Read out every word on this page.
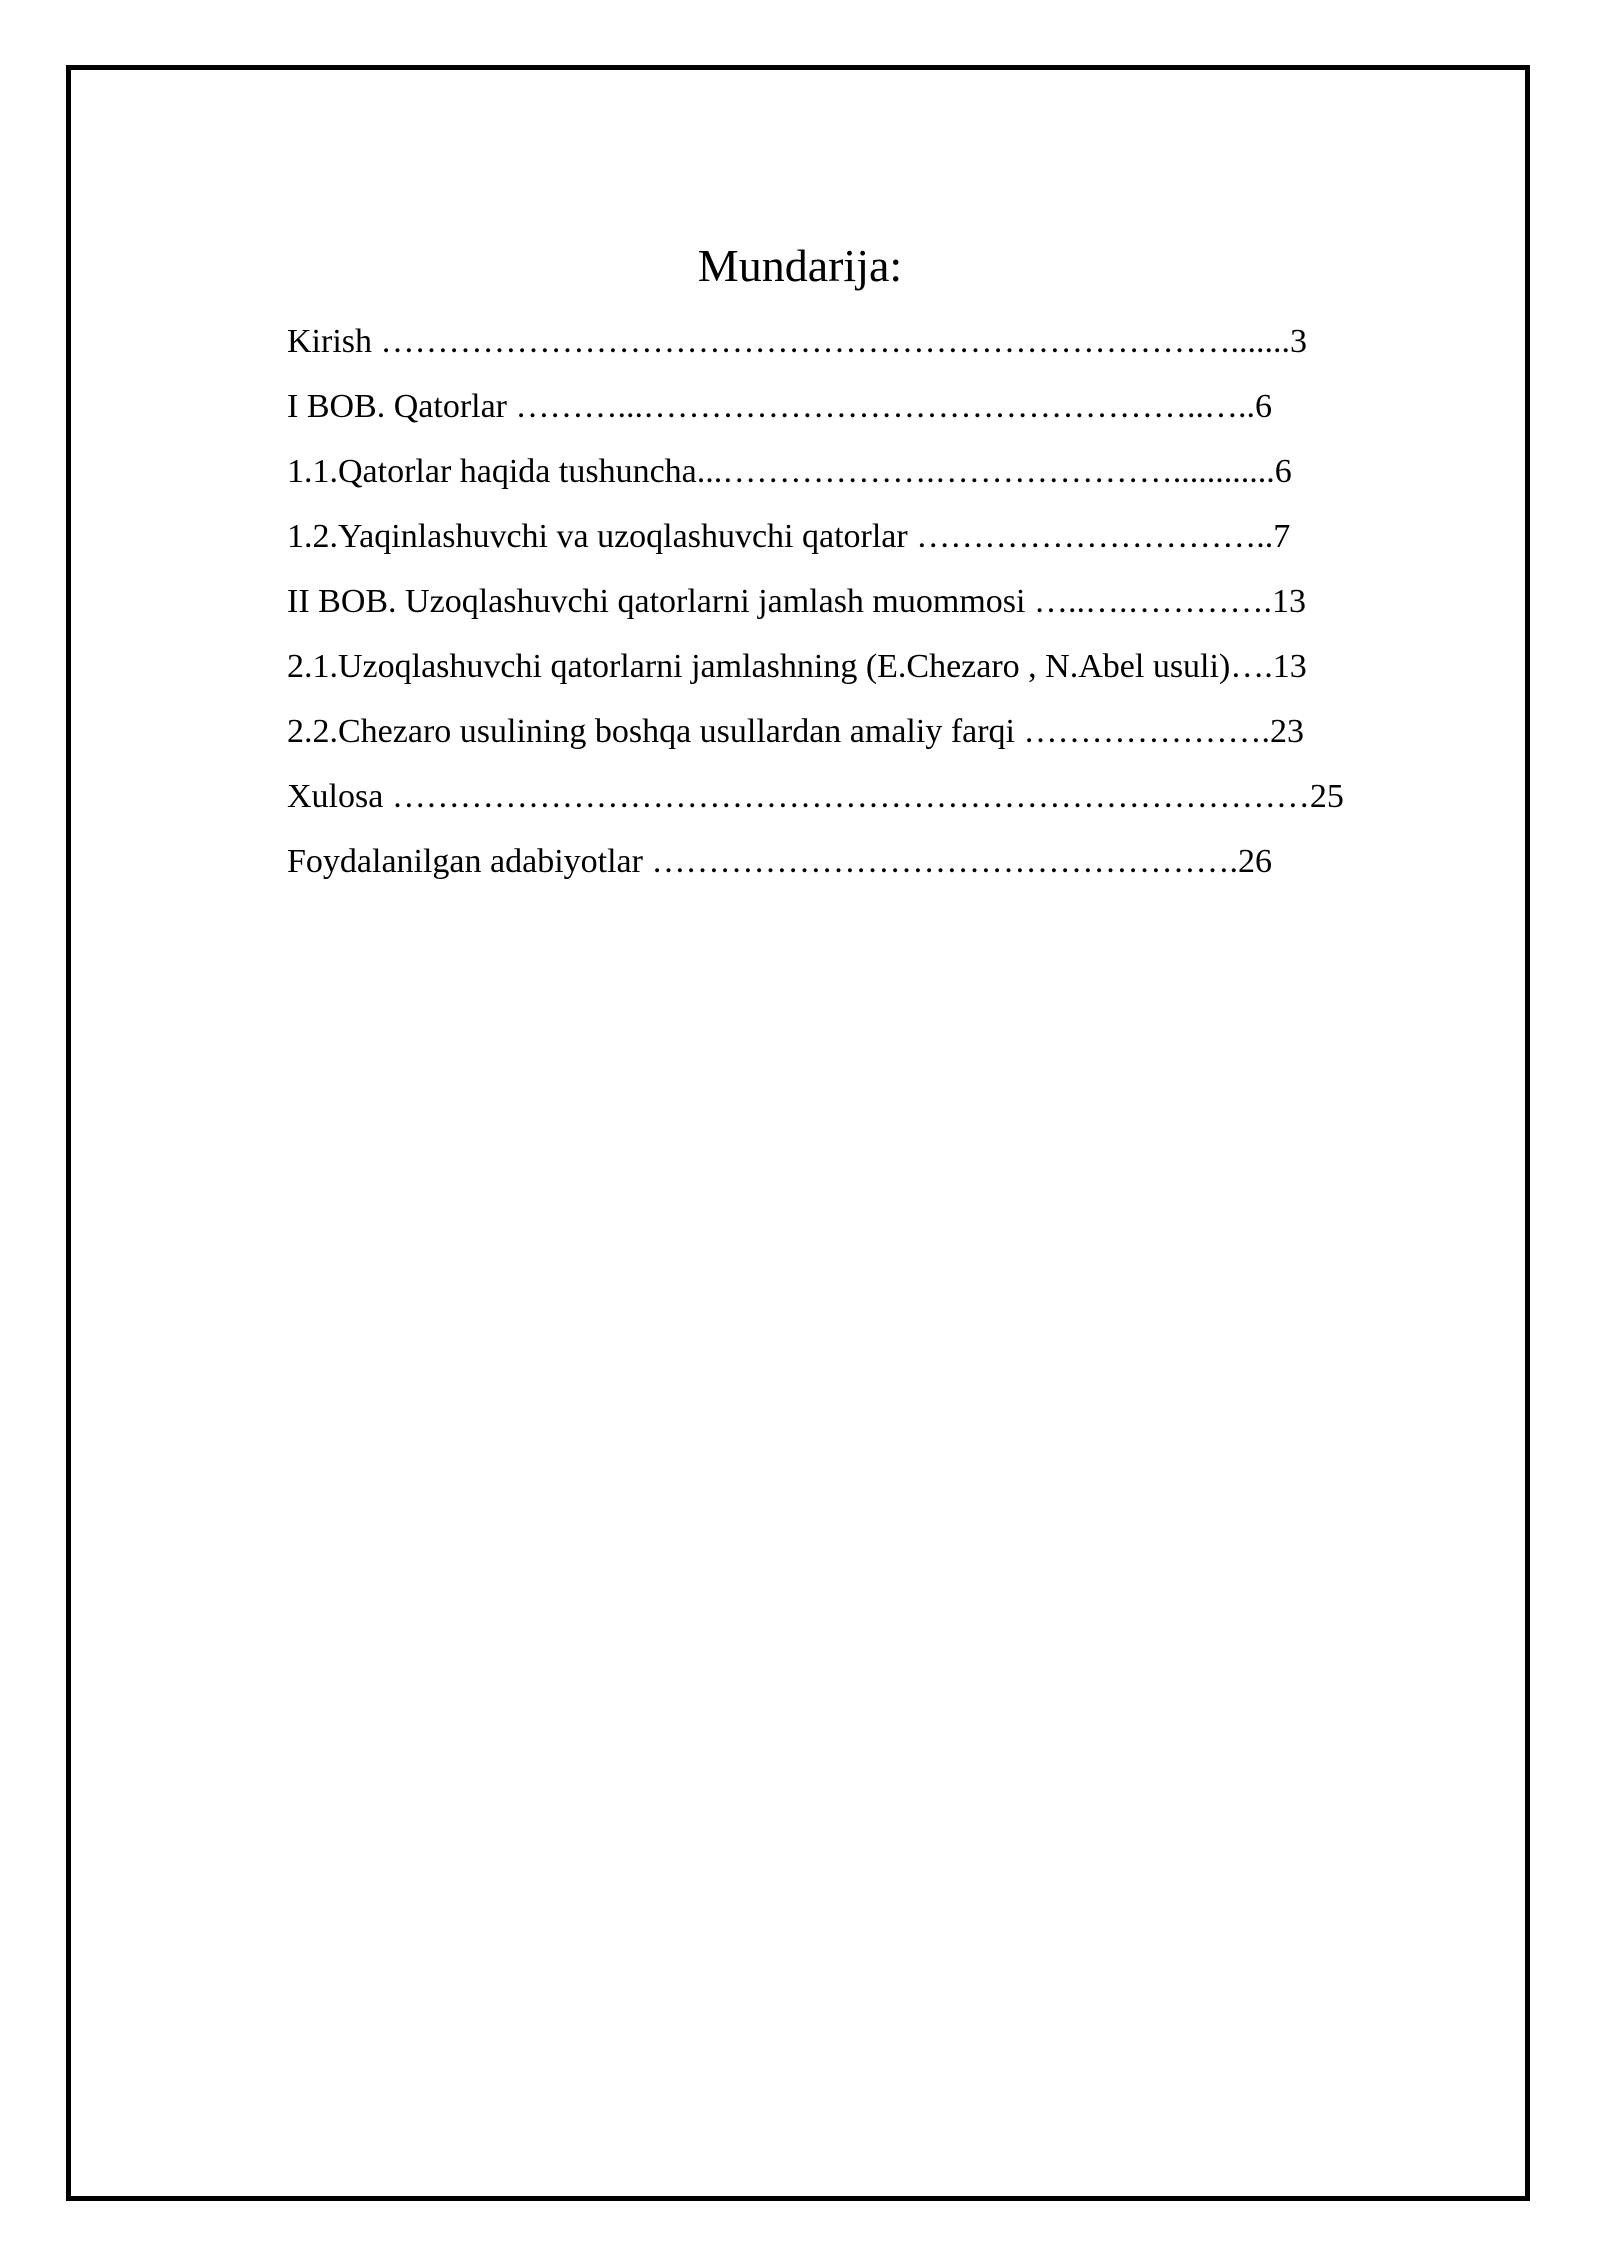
Mundarija:
Kirish ………………………………………………………………….......3
I BOB. Qatorlar ………...…………………………………………..…..6
1.1.Qatorlar haqida tushuncha...……………….…………………............6
1.2.Yaqinlashuvchi va uzoqlashuvchi qatorlar …………………………..7
II BOB. Uzoqlashuvchi qatorlarni jamlash muommosi …..….………….13
2.1.Uzoqlashuvchi qatorlarni jamlashning (E.Chezaro , N.Abel usuli)….13
2.2.Chezaro usulining boshqa usullardan amaliy farqi ………………….23
Xulosa ………………………………………………………………………25
Foydalanilgan adabiyotlar …………………………………………….26
